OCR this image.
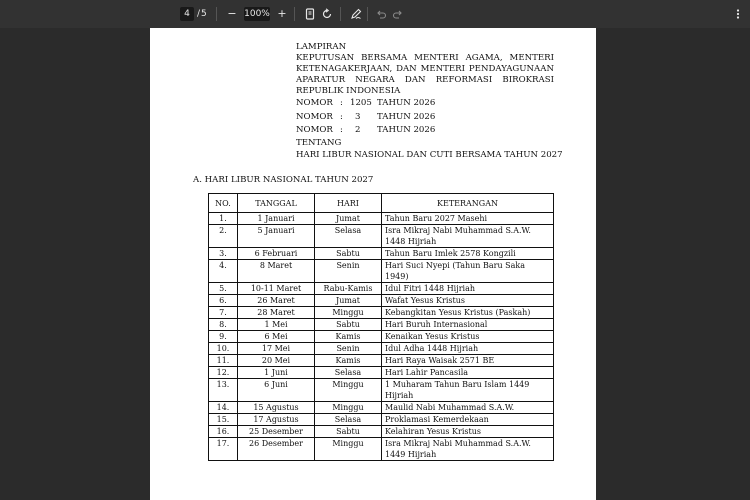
4 / 5 − 100% +
LAMPIRAN
KEPUTUSAN BERSAMA MENTERI AGAMA, MENTERI
KETENAGAKERJAAN, DAN MENTERI PENDAYAGUNAAN
APARATUR NEGARA DAN REFORMASI BIROKRASI
REPUBLIK INDONESIA
NOMOR : 1205 TAHUN 2026
NOMOR : 3 TAHUN 2026
NOMOR : 2 TAHUN 2026
TENTANG
HARI LIBUR NASIONAL DAN CUTI BERSAMA TAHUN 2027
A. HARI LIBUR NASIONAL TAHUN 2027
NO.	TANGGAL	HARI	KETERANGAN
1.	1 Januari	Jumat	Tahun Baru 2027 Masehi
2.	5 Januari	Selasa	Isra Mikraj Nabi Muhammad S.A.W. 1448 Hijriah
3.	6 Februari	Sabtu	Tahun Baru Imlek 2578 Kongzili
4.	8 Maret	Senin	Hari Suci Nyepi (Tahun Baru Saka 1949)
5.	10-11 Maret	Rabu-Kamis	Idul Fitri 1448 Hijriah
6.	26 Maret	Jumat	Wafat Yesus Kristus
7.	28 Maret	Minggu	Kebangkitan Yesus Kristus (Paskah)
8.	1 Mei	Sabtu	Hari Buruh Internasional
9.	6 Mei	Kamis	Kenaikan Yesus Kristus
10.	17 Mei	Senin	Idul Adha 1448 Hijriah
11.	20 Mei	Kamis	Hari Raya Waisak 2571 BE
12.	1 Juni	Selasa	Hari Lahir Pancasila
13.	6 Juni	Minggu	1 Muharam Tahun Baru Islam 1449 Hijriah
14.	15 Agustus	Minggu	Maulid Nabi Muhammad S.A.W.
15.	17 Agustus	Selasa	Proklamasi Kemerdekaan
16.	25 Desember	Sabtu	Kelahiran Yesus Kristus
17.	26 Desember	Minggu	Isra Mikraj Nabi Muhammad S.A.W. 1449 Hijriah
